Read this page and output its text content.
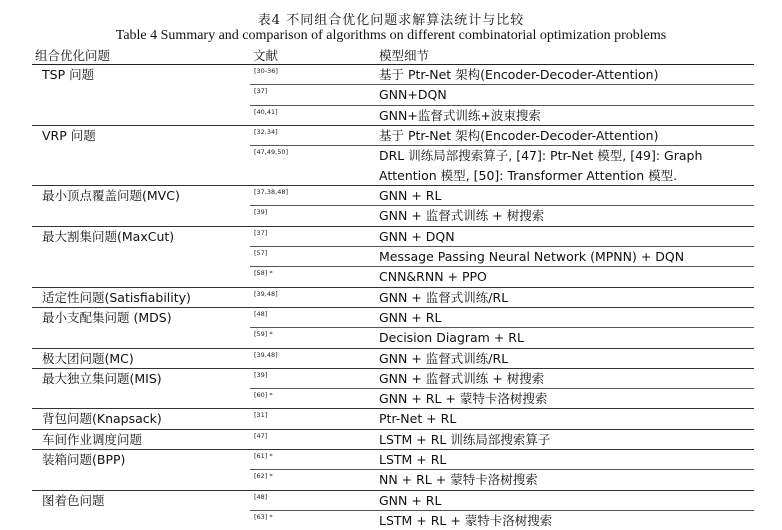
表4 不同组合优化问题求解算法统计与比较
Table 4 Summary and comparison of algorithms on different combinatorial optimization problems
组合优化问题	文献	模型细节
TSP 问题	[30-36]	基于 Ptr-Net 架构(Encoder-Decoder-Attention)
	[37]	GNN+DQN
	[40,41]	GNN+监督式训练+波束搜索
VRP 问题	[32,34]	基于 Ptr-Net 架构(Encoder-Decoder-Attention)
	[47,49,50]	DRL 训练局部搜索算子, [47]: Ptr-Net 模型, [49]: Graph Attention 模型, [50]: Transformer Attention 模型.
最小顶点覆盖问题(MVC)	[37,38,48]	GNN + RL
	[39]	GNN + 监督式训练 + 树搜索
最大割集问题(MaxCut)	[37]	GNN + DQN
	[57]	Message Passing Neural Network (MPNN) + DQN
	[58] *	CNN&RNN + PPO
适定性问题(Satisfiability)	[39,48]	GNN + 监督式训练/RL
最小支配集问题 (MDS)	[48]	GNN + RL
	[59] *	Decision Diagram + RL
极大团问题(MC)	[39,48]	GNN + 监督式训练/RL
最大独立集问题(MIS)	[39]	GNN + 监督式训练 + 树搜索
	[60] *	GNN + RL + 蒙特卡洛树搜索
背包问题(Knapsack)	[31]	Ptr-Net + RL
车间作业调度问题	[47]	LSTM + RL 训练局部搜索算子
装箱问题(BPP)	[61] *	LSTM + RL
	[62] *	NN + RL + 蒙特卡洛树搜索
图着色问题	[48]	GNN + RL
	[63] *	LSTM + RL + 蒙特卡洛树搜索
